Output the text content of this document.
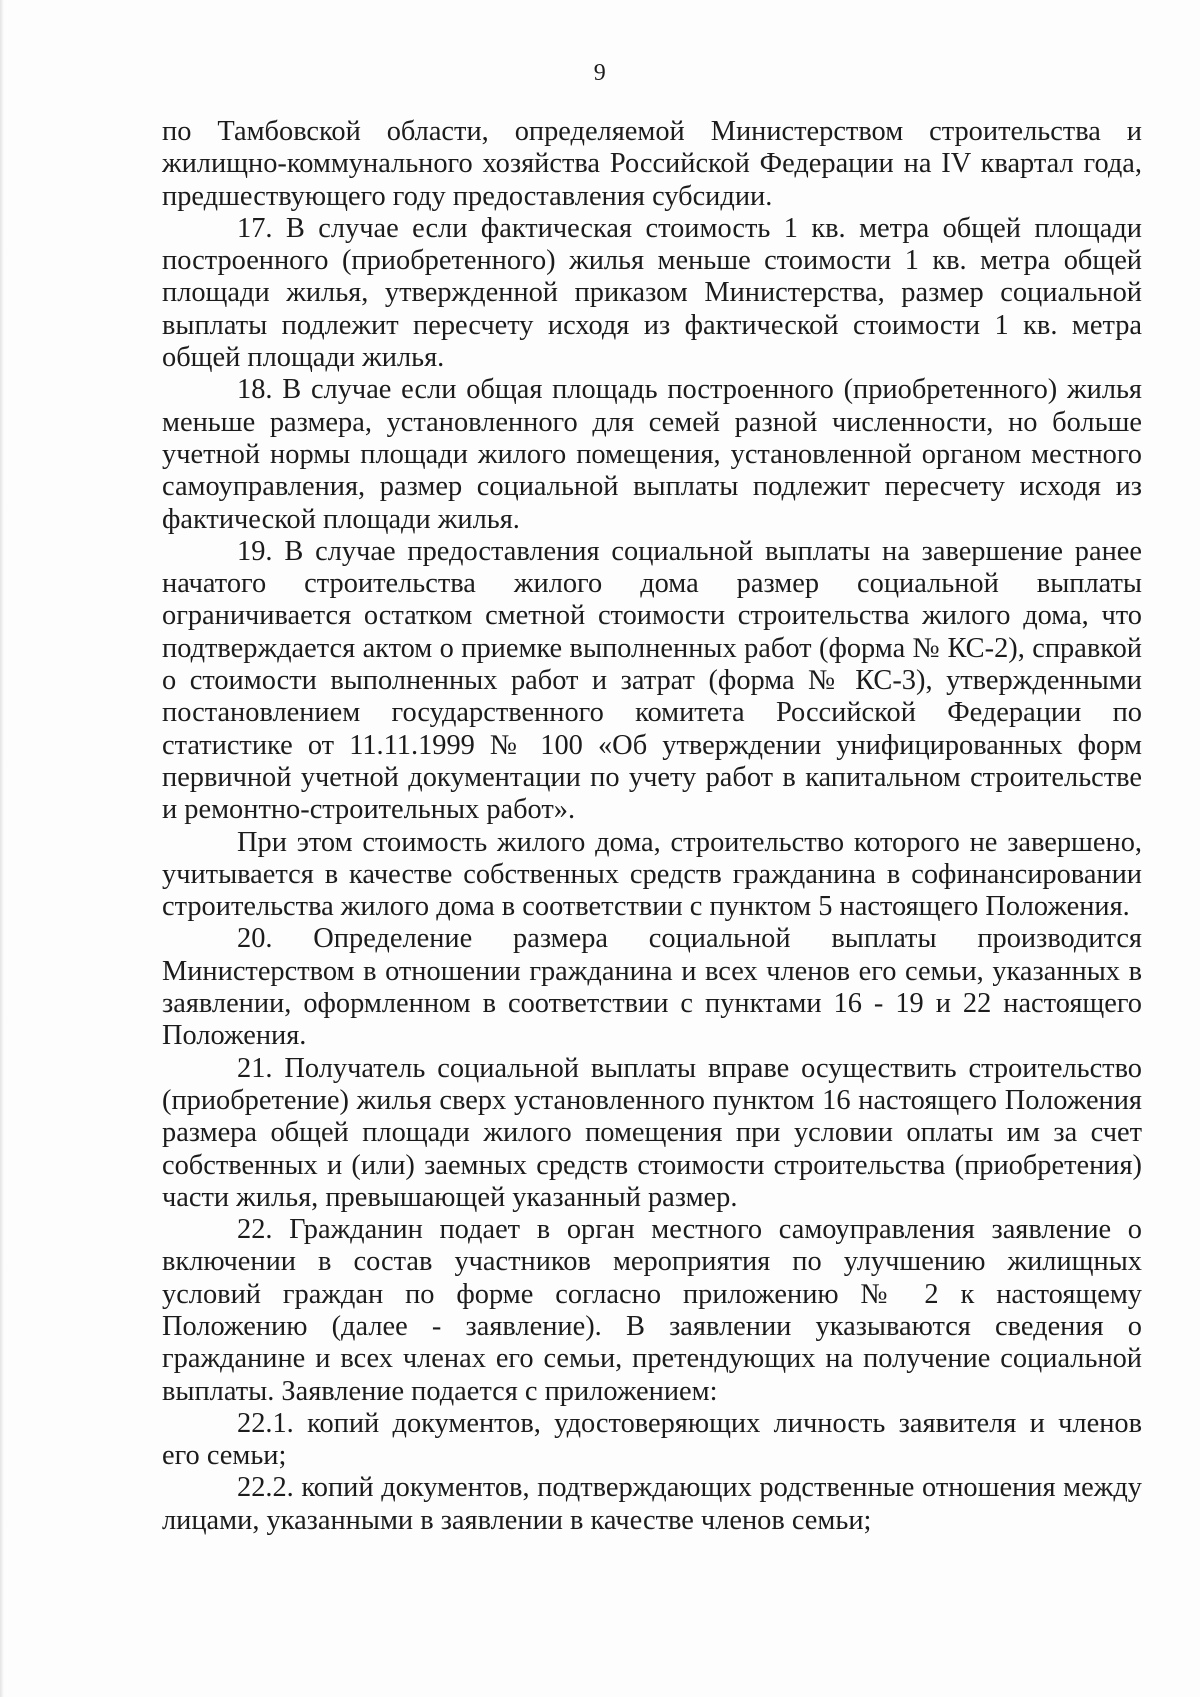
9

по Тамбовской области, определяемой Министерством строительства и жилищно-коммунального хозяйства Российской Федерации на IV квартал года, предшествующего году предоставления субсидии.

17. В случае если фактическая стоимость 1 кв. метра общей площади построенного (приобретенного) жилья меньше стоимости 1 кв. метра общей площади жилья, утвержденной приказом Министерства, размер социальной выплаты подлежит пересчету исходя из фактической стоимости 1 кв. метра общей площади жилья.

18. В случае если общая площадь построенного (приобретенного) жилья меньше размера, установленного для семей разной численности, но больше учетной нормы площади жилого помещения, установленной органом местного самоуправления, размер социальной выплаты подлежит пересчету исходя из фактической площади жилья.

19. В случае предоставления социальной выплаты на завершение ранее начатого строительства жилого дома размер социальной выплаты ограничивается остатком сметной стоимости строительства жилого дома, что подтверждается актом о приемке выполненных работ (форма № КС-2), справкой о стоимости выполненных работ и затрат (форма № КС-3), утвержденными постановлением государственного комитета Российской Федерации по статистике от 11.11.1999 № 100 «Об утверждении унифицированных форм первичной учетной документации по учету работ в капитальном строительстве и ремонтно-строительных работ».

При этом стоимость жилого дома, строительство которого не завершено, учитывается в качестве собственных средств гражданина в софинансировании строительства жилого дома в соответствии с пунктом 5 настоящего Положения.

20. Определение размера социальной выплаты производится Министерством в отношении гражданина и всех членов его семьи, указанных в заявлении, оформленном в соответствии с пунктами 16 - 19 и 22 настоящего Положения.

21. Получатель социальной выплаты вправе осуществить строительство (приобретение) жилья сверх установленного пунктом 16 настоящего Положения размера общей площади жилого помещения при условии оплаты им за счет собственных и (или) заемных средств стоимости строительства (приобретения) части жилья, превышающей указанный размер.

22. Гражданин подает в орган местного самоуправления заявление о включении в состав участников мероприятия по улучшению жилищных условий граждан по форме согласно приложению № 2 к настоящему Положению (далее - заявление). В заявлении указываются сведения о гражданине и всех членах его семьи, претендующих на получение социальной выплаты. Заявление подается с приложением:

22.1. копий документов, удостоверяющих личность заявителя и членов его семьи;

22.2. копий документов, подтверждающих родственные отношения между лицами, указанными в заявлении в качестве членов семьи;
